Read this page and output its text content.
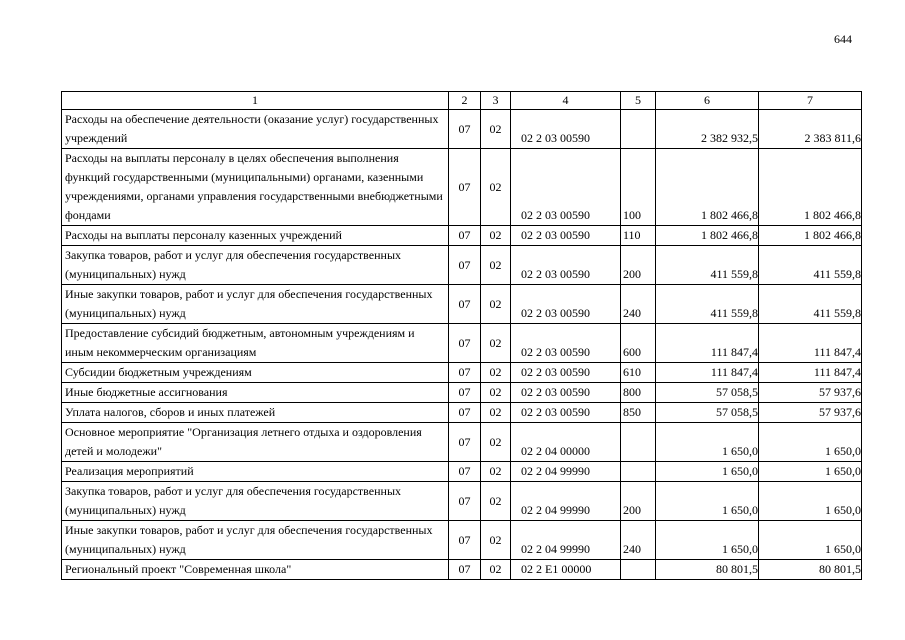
644
1	2	3	4	5	6	7
Расходы на обеспечение деятельности (оказание услуг) государственных учреждений	07	02	02 2 03 00590		2 382 932,5	2 383 811,6
Расходы на выплаты персоналу в целях обеспечения выполнения функций государственными (муниципальными) органами, казенными учреждениями, органами управления государственными внебюджетными фондами	07	02	02 2 03 00590	100	1 802 466,8	1 802 466,8
Расходы на выплаты персоналу казенных учреждений	07	02	02 2 03 00590	110	1 802 466,8	1 802 466,8
Закупка товаров, работ и услуг для обеспечения государственных (муниципальных) нужд	07	02	02 2 03 00590	200	411 559,8	411 559,8
Иные закупки товаров, работ и услуг для обеспечения государственных (муниципальных) нужд	07	02	02 2 03 00590	240	411 559,8	411 559,8
Предоставление субсидий бюджетным, автономным учреждениям и иным некоммерческим организациям	07	02	02 2 03 00590	600	111 847,4	111 847,4
Субсидии бюджетным учреждениям	07	02	02 2 03 00590	610	111 847,4	111 847,4
Иные бюджетные ассигнования	07	02	02 2 03 00590	800	57 058,5	57 937,6
Уплата налогов, сборов и иных платежей	07	02	02 2 03 00590	850	57 058,5	57 937,6
Основное мероприятие "Организация летнего отдыха и оздоровления детей и молодежи"	07	02	02 2 04 00000		1 650,0	1 650,0
Реализация мероприятий	07	02	02 2 04 99990		1 650,0	1 650,0
Закупка товаров, работ и услуг для обеспечения государственных (муниципальных) нужд	07	02	02 2 04 99990	200	1 650,0	1 650,0
Иные закупки товаров, работ и услуг для обеспечения государственных (муниципальных) нужд	07	02	02 2 04 99990	240	1 650,0	1 650,0
Региональный проект "Современная школа"	07	02	02 2 E1 00000		80 801,5	80 801,5
